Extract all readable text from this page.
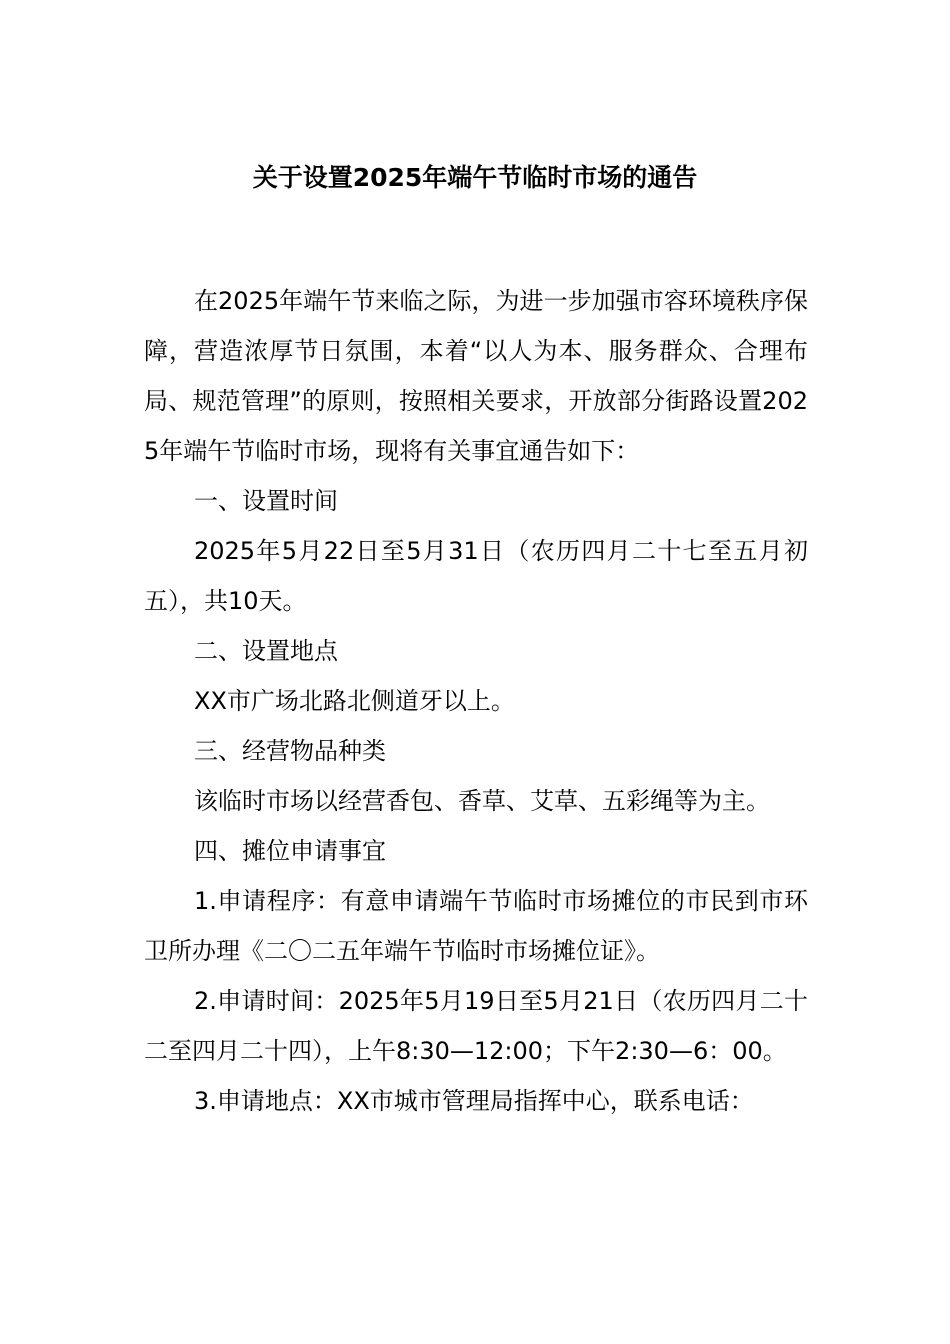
关于设置2025年端午节临时市场的通告

在2025年端午节来临之际，为进一步加强市容环境秩序保障，营造浓厚节日氛围，本着“以人为本、服务群众、合理布局、规范管理”的原则，按照相关要求，开放部分街路设置2025年端午节临时市场，现将有关事宜通告如下：

一、设置时间

2025年5月22日至5月31日（农历四月二十七至五月初五），共10天。

二、设置地点

XX市广场北路北侧道牙以上。

三、经营物品种类

该临时市场以经营香包、香草、艾草、五彩绳等为主。

四、摊位申请事宜

1.申请程序：有意申请端午节临时市场摊位的市民到市环卫所办理《二〇二五年端午节临时市场摊位证》。

2.申请时间：2025年5月19日至5月21日（农历四月二十二至四月二十四），上午8:30—12:00；下午2:30—6：00。

3.申请地点：XX市城市管理局指挥中心，联系电话：
